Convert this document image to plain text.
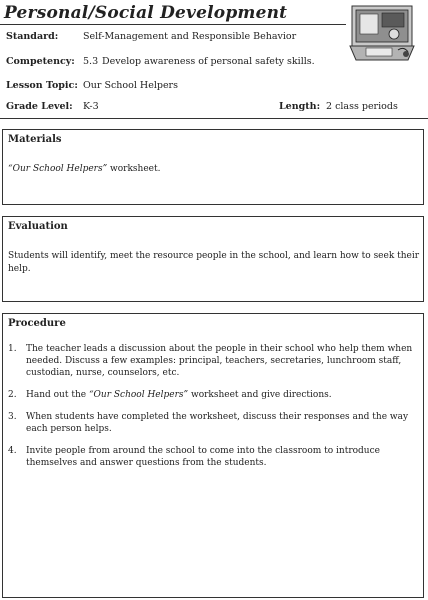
Personal/Social Development
Standard:	Self-Management and Responsible Behavior
Competency: 5.3 Develop awareness of personal safety skills.
Lesson Topic: Our School Helpers
Grade Level: K-3	Length: 2 class periods
Materials
“Our School Helpers” worksheet.
Evaluation
Students will identify, meet the resource people in the school, and learn how to seek their help.
Procedure
1. The teacher leads a discussion about the people in their school who help them when needed. Discuss a few examples: principal, teachers, secretaries, lunchroom staff, custodian, nurse, counselors, etc.
2. Hand out the “Our School Helpers” worksheet and give directions.
3. When students have completed the worksheet, discuss their responses and the way each person helps.
4. Invite people from around the school to come into the classroom to introduce themselves and answer questions from the students.
